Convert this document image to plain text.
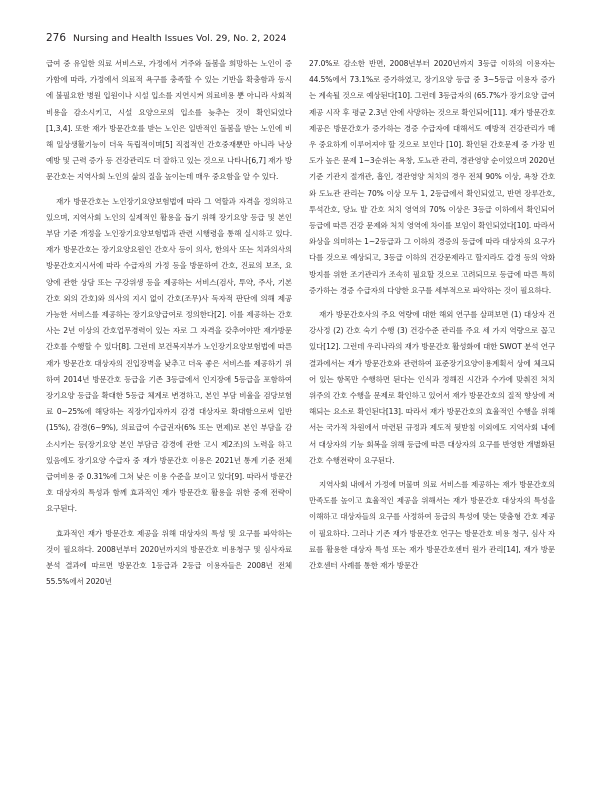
276 Nursing and Health Issues Vol. 29, No. 2, 2024

급여 중 유일한 의료 서비스로, 가정에서 거주와 돌봄을 희망하는 노인이 증가함에 따라, 가정에서 의료적 욕구를 충족할 수 있는 기반을 확충함과 동시에 불필요한 병원 입원이나 시설 입소를 지연시켜 의료비용 뿐 아니라 사회적 비용을 감소시키고, 시설 요양으로의 입소를 늦추는 것이 확인되었다 [1,3,4]. 또한 재가 방문간호를 받는 노인은 일반적인 돌봄을 받는 노인에 비해 일상생활기능이 더욱 독립적이며[5] 직접적인 간호중재뿐만 아니라 낙상 예방 및 근력 증가 등 건강관리도 더 잘하고 있는 것으로 나타나[6,7] 재가 방문간호는 지역사회 노인의 삶의 질을 높이는데 매우 중요함을 알 수 있다.

재가 방문간호는 노인장기요양보험법에 따라 그 역할과 자격을 정의하고 있으며, 지역사회 노인의 실제적인 활용을 돕기 위해 장기요양 등급 및 본인 부담 기준 개정을 노인장기요양보험법과 관련 시행령을 통해 실시하고 있다. 재가 방문간호는 장기요양요원인 간호사 등이 의사, 한의사 또는 치과의사의 방문간호지시서에 따라 수급자의 가정 등을 방문하여 간호, 진료의 보조, 요양에 관한 상담 또는 구강위생 등을 제공하는 서비스(검사, 투약, 주사, 기본 간호 외의 간호)와 의사의 지시 없이 간호(조무)사 독자적 판단에 의해 제공 가능한 서비스를 제공하는 장기요양급여로 정의한다[2]. 이를 제공하는 간호사는 2년 이상의 간호업무경력이 있는 자로 그 자격을 갖추어야만 재가방문간호를 수행할 수 있다[8]. 그런데 보건복지부가 노인장기요양보험법에 따른 재가 방문간호 대상자의 진입장벽을 낮추고 더욱 좋은 서비스를 제공하기 위하여 2014년 방문간호 등급을 기존 3등급에서 인지장애 5등급을 포함하여 장기요양 등급을 확대한 5등급 체계로 변경하고, 본인 부담 비율을 검당보험료 0~25%에 해당하는 직장가입자까지 감경 대상자로 확대함으로써 일반(15%), 감경(6~9%), 의료급여 수급권자(6% 또는 면제)로 본인 부담을 감소시키는 등(장기요양 본인 부담금 감경에 관한 고시 제2조)의 노력을 하고 있음에도 장기요양 수급자 중 재가 방문간호 이용은 2021년 통계 기준 전체 급여비용 중 0.31%에 그쳐 낮은 이용 수준을 보이고 있다[9]. 따라서 방문간호 대상자의 특성과 함께 효과적인 재가 방문간호 활용을 위한 중재 전략이 요구된다.

효과적인 재가 방문간호 제공을 위해 대상자의 특성 및 요구를 파악하는 것이 필요하다. 2008년부터 2020년까지의 방문간호 비용청구 및 심사자료 분석 결과에 따르면 방문간호 1등급과 2등급 이용자들은 2008년 전체 55.5%에서 2020년

27.0%로 감소한 반면, 2008년부터 2020년까지 3등급 이하의 이용자는 44.5%에서 73.1%로 증가하였고, 장기요양 등급 중 3~5등급 이용자 증가는 계속될 것으로 예상된다[10]. 그런데 3등급자의 (65.7%가 장기요양 급여 제공 시작 후 평균 2.3년 안에 사망하는 것으로 확인되어[11]. 재가 방문간호 제공은 방문간호가 증가하는 경증 수급자에 대해서도 예방적 건강관리가 매우 중요하게 이루어져야 할 것으로 보인다 [10]. 확인된 간호문제 중 가장 빈도가 높은 문제 1~3순위는 욕창, 도뇨관 관리, 경관영양 순이었으며 2020년 기준 기관지 절개관, 흡인, 경관영양 처치의 경우 전체 90% 이상, 욕창 간호와 도뇨관 관리는 70% 이상 모두 1, 2등급에서 확인되었고, 반면 장루간호, 투석간호, 당뇨 발 간호 처치 영역의 70% 이상은 3등급 이하에서 확인되어 등급에 따른 건강 문제와 처치 영역에 차이를 보임이 확인되었다[10]. 따라서 와상을 의미하는 1~2등급과 그 이하의 경증의 등급에 따라 대상자의 요구가 다를 것으로 예상되고, 3등급 이하의 건강문제라고 할지라도 갑경 등의 악화방지를 위한 조기관리가 조속히 필요할 것으로 고려되므로 등급에 따른 특히 증가하는 경증 수급자의 다양한 요구를 세부적으로 파악하는 것이 필요하다.

재가 방문간호사의 주요 역량에 대한 해외 연구를 살펴보면 (1) 대상자 건강사정 (2) 간호 숙기 수행 (3) 건강수준 관리를 주요 세 가지 역량으로 꼽고 있다[12]. 그런데 우리나라의 재가 방문간호 활성화에 대한 SWOT 분석 연구 결과에서는 재가 방문간호와 관련하여 표준장기요양이용계획서 상에 체크되어 있는 항목만 수행하면 된다는 인식과 정해진 시간과 수가에 맞춰진 처치 위주의 간호 수행을 문제로 확인하고 있어서 재가 방문간호의 질적 향상에 저해되는 요소로 확인된다[13]. 따라서 재가 방문간호의 효율적인 수행을 위해서는 국가적 차원에서 마련된 규정과 제도적 뒷받침 이외에도 지역사회 내에서 대상자의 기능 회복을 위해 등급에 따른 대상자의 요구를 반영한 개별화된 간호 수행전략이 요구된다.

지역사회 내에서 가정에 머물며 의료 서비스를 제공하는 재가 방문간호의 만족도를 높이고 효율적인 제공을 위해서는 재가 방문간호 대상자의 특성을 이해하고 대상자들의 요구를 사정하여 등급의 특성에 맞는 맞춤형 간호 제공이 필요하다. 그러나 기존 재가 방문간호 연구는 방문간호 비용 청구, 심사 자료를 활용한 대상자 특성 또는 재가 방문간호센터 원가 관리[14], 재가 방문간호센터 사례를 통한 재가 방문간
